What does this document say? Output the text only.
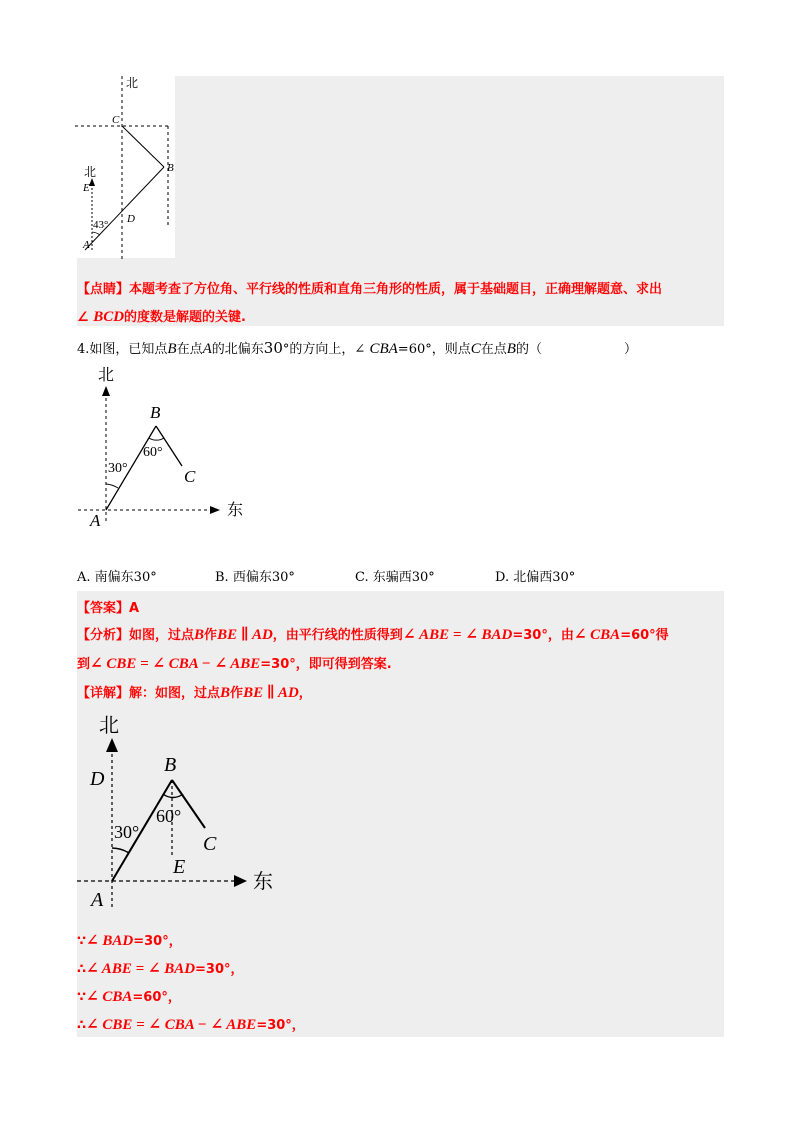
北
北
C
B
E
D
A
43°
【点睛】本题考查了方位角、平行线的性质和直角三角形的性质，属于基础题目，正确理解题意、求出
∠ BCD的度数是解题的关键.
4.如图，已知点B在点A的北偏东30°的方向上，∠ CBA=60°，则点C在点B的（	）
北
东
A
B
C
30°
60°
A. 南偏东30°	B. 西偏东30°	C. 东骗西30°	D. 北偏西30°
【答案】A
【分析】如图，过点B作BE ∥ AD，由平行线的性质得到∠ ABE = ∠ BAD=30°，由∠ CBA=60°得
到∠ CBE = ∠ CBA − ∠ ABE=30°，即可得到答案.
【详解】解：如图，过点B作BE ∥ AD，
北
东
D
B
C
E
A
30°
60°
∵∠ BAD=30°，
∴∠ ABE = ∠ BAD=30°，
∵∠ CBA=60°，
∴∠ CBE = ∠ CBA − ∠ ABE=30°，
